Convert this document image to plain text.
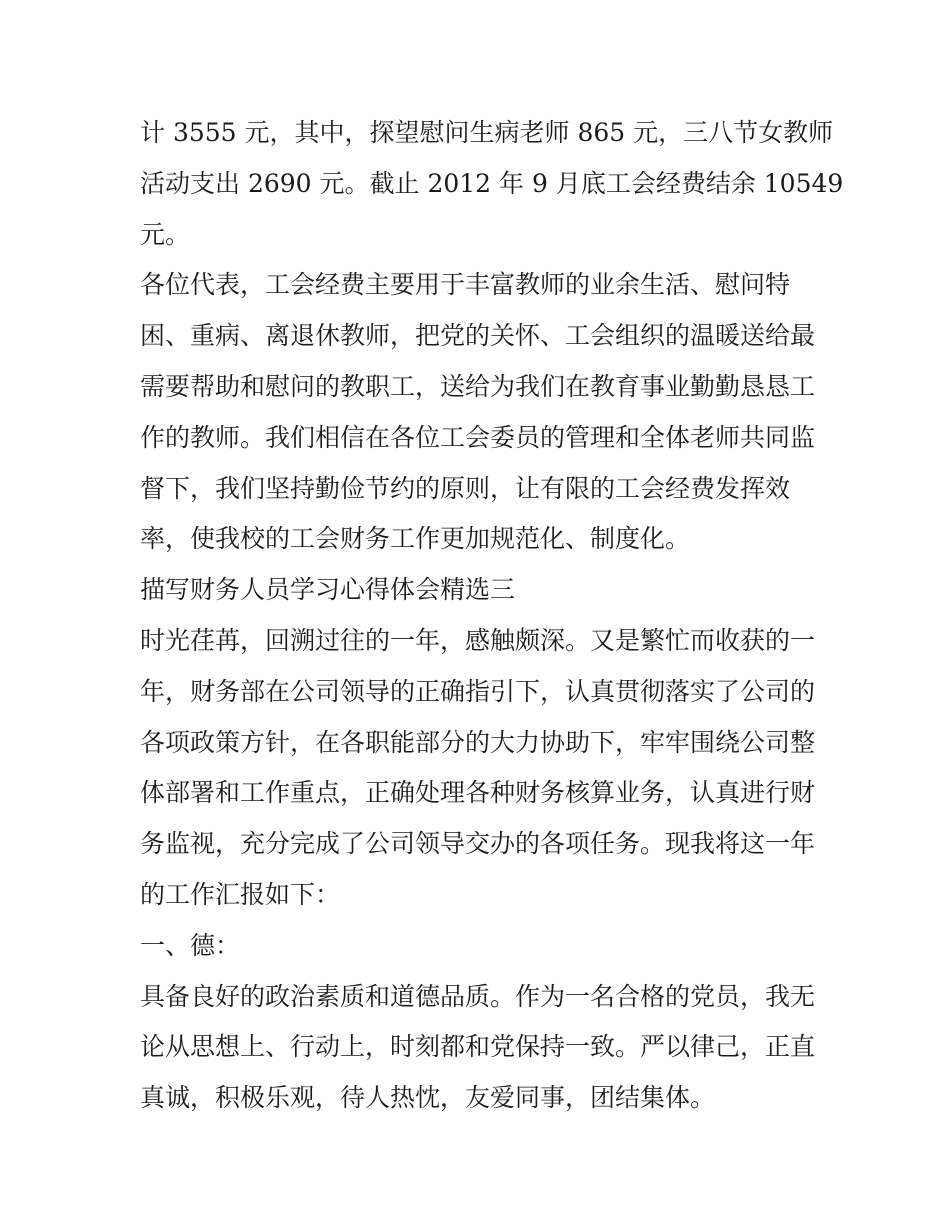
计 3555 元，其中，探望慰问生病老师 865 元，三八节女教师
活动支出 2690 元。截止 2012 年 9 月底工会经费结余 10549
元。
各位代表，工会经费主要用于丰富教师的业余生活、慰问特
困、重病、离退休教师，把党的关怀、工会组织的温暖送给最
需要帮助和慰问的教职工，送给为我们在教育事业勤勤恳恳工
作的教师。我们相信在各位工会委员的管理和全体老师共同监
督下，我们坚持勤俭节约的原则，让有限的工会经费发挥效
率，使我校的工会财务工作更加规范化、制度化。
描写财务人员学习心得体会精选三
时光荏苒，回溯过往的一年，感触颇深。又是繁忙而收获的一
年，财务部在公司领导的正确指引下，认真贯彻落实了公司的
各项政策方针，在各职能部分的大力协助下，牢牢围绕公司整
体部署和工作重点，正确处理各种财务核算业务，认真进行财
务监视，充分完成了公司领导交办的各项任务。现我将这一年
的工作汇报如下：
一、德：
具备良好的政治素质和道德品质。作为一名合格的党员，我无
论从思想上、行动上，时刻都和党保持一致。严以律己，正直
真诚，积极乐观，待人热忱，友爱同事，团结集体。
